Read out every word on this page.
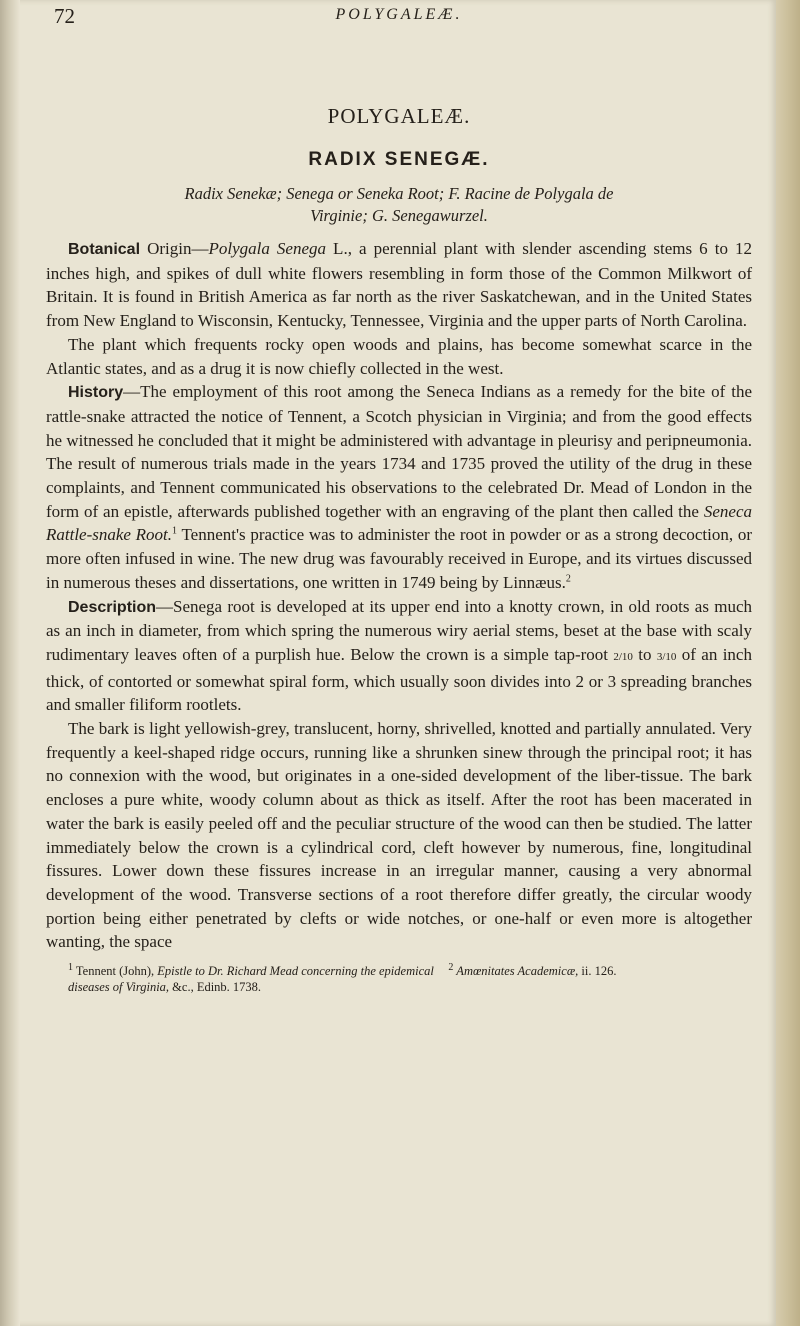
72	POLYGALEÆ.
POLYGALEÆ.
RADIX SENEGÆ.
Radix Senekæ; Senega or Seneka Root; F. Racine de Polygala de
Virginie; G. Senegawurzel.

Botanical Origin—Polygala Senega L., a perennial plant with slender ascending stems 6 to 12 inches high, and spikes of dull white flowers resembling in form those of the Common Milkwort of Britain. It is found in British America as far north as the river Saskatchewan, and in the United States from New England to Wisconsin, Kentucky, Tennessee, Virginia and the upper parts of North Carolina.

The plant which frequents rocky open woods and plains, has become somewhat scarce in the Atlantic states, and as a drug it is now chiefly collected in the west.

History—The employment of this root among the Seneca Indians as a remedy for the bite of the rattle-snake attracted the notice of Tennent, a Scotch physician in Virginia; and from the good effects he witnessed he concluded that it might be administered with advantage in pleurisy and peripneumonia. The result of numerous trials made in the years 1734 and 1735 proved the utility of the drug in these complaints, and Tennent communicated his observations to the celebrated Dr. Mead of London in the form of an epistle, afterwards published together with an engraving of the plant then called the Seneca Rattle-snake Root.$^1$ Tennent's practice was to administer the root in powder or as a strong decoction, or more often infused in wine. The new drug was favourably received in Europe, and its virtues discussed in numerous theses and dissertations, one written in 1749 being by Linnæus.$^2$

Description—Senega root is developed at its upper end into a knotty crown, in old roots as much as an inch in diameter, from which spring the numerous wiry aerial stems, beset at the base with scaly rudimentary leaves often of a purplish hue. Below the crown is a simple tap-root 2/10 to 3/10 of an inch thick, of contorted or somewhat spiral form, which usually soon divides into 2 or 3 spreading branches and smaller filiform rootlets.

The bark is light yellowish-grey, translucent, horny, shrivelled, knotted and partially annulated. Very frequently a keel-shaped ridge occurs, running like a shrunken sinew through the principal root; it has no connexion with the wood, but originates in a one-sided development of the liber-tissue. The bark encloses a pure white, woody column about as thick as itself. After the root has been macerated in water the bark is easily peeled off and the peculiar structure of the wood can then be studied. The latter immediately below the crown is a cylindrical cord, cleft however by numerous, fine, longitudinal fissures. Lower down these fissures increase in an irregular manner, causing a very abnormal development of the wood. Transverse sections of a root therefore differ greatly, the circular woody portion being either penetrated by clefts or wide notches, or one-half or even more is altogether wanting, the space

$^1$ Tennent (John), Epistle to Dr. Richard Mead concerning the epidemical diseases of Virginia, &c., Edinb. 1738.
$^2$ Amœnitates Academicæ, ii. 126.
